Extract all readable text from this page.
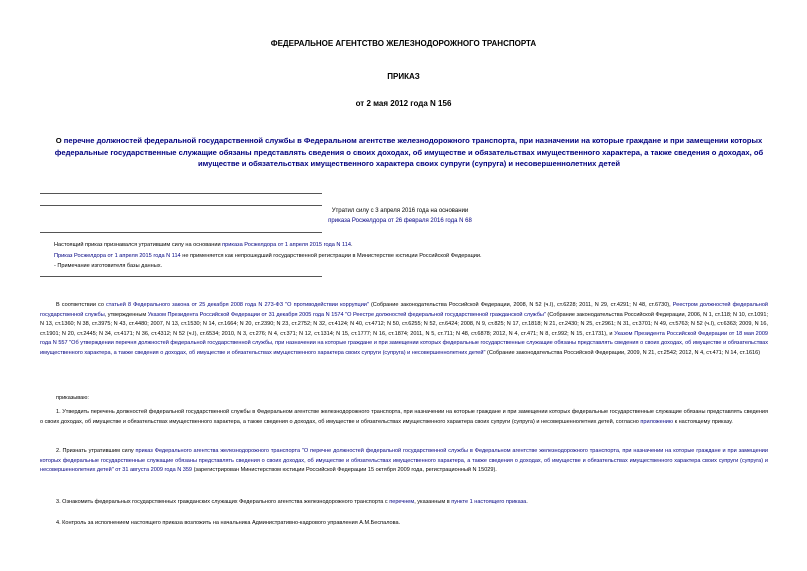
ФЕДЕРАЛЬНОЕ АГЕНТСТВО ЖЕЛЕЗНОДОРОЖНОГО ТРАНСПОРТА
ПРИКАЗ
от 2 мая 2012 года N 156
О перечне должностей федеральной государственной службы в Федеральном агентстве железнодорожного транспорта, при назначении на которые граждане и при замещении которых федеральные государственные служащие обязаны представлять сведения о своих доходах, об имуществе и обязательствах имущественного характера, а также сведения о доходах, об имуществе и обязательствах имущественного характера своих супруги (супруга) и несовершеннолетних детей
Утратил силу с 3 апреля 2016 года на основании
приказа Росжелдора от 26 февраля 2016 года N 68
Настоящий приказ признавался утратившим силу на основании приказа Росжелдора от 1 апреля 2015 года N 114.
Приказ Росжелдора от 1 апреля 2015 года N 114 не применяется как непрошедший государственной регистрации в Министерстве юстиции Российской Федерации.
- Примечание изготовителя базы данных.

В соответствии со статьей 8 Федерального закона от 25 декабря 2008 года N 273-ФЗ "О противодействии коррупции" (Собрание законодательства Российской Федерации, 2008, N 52 (ч.I), ст.6228; 2011, N 29, ст.4291; N 48, ст.6730), Реестром должностей федеральной государственной службы, утвержденным Указом Президента Российской Федерации от 31 декабря 2005 года N 1574 "О Реестре должностей федеральной государственной гражданской службы" (Собрание законодательства Российской Федерации, 2006, N 1, ст.118; N 10, ст.1091; N 13, ст.1360; N 38, ст.3975; N 43, ст.4480; 2007, N 13, ст.1530; N 14, ст.1664; N 20, ст.2390; N 23, ст.2752; N 32, ст.4124; N 40, ст.4712; N 50, ст.6255; N 52, ст.6424; 2008, N 9, ст.825; N 17, ст.1818; N 21, ст.2430; N 25, ст.2961; N 31, ст.3701; N 49, ст.5763; N 52 (ч.I), ст.6363; 2009, N 16, ст.1901; N 20, ст.2445; N 34, ст.4171; N 36, ст.4312; N 52 (ч.I), ст.6534; 2010, N 3, ст.276; N 4, ст.371; N 12, ст.1314; N 15, ст.1777; N 16, ст.1874; 2011, N 5, ст.711; N 48, ст.6878; 2012, N 4, ст.471; N 8, ст.992; N 15, ст.1731), и Указом Президента Российской Федерации от 18 мая 2009 года N 557 "Об утверждении перечня должностей федеральной государственной службы, при назначении на которые граждане и при замещении которых федеральные государственные служащие обязаны представлять сведения о своих доходах, об имуществе и обязательствах имущественного характера, а также сведения о доходах, об имуществе и обязательствах имущественного характера своих супруги (супруга) и несовершеннолетних детей" (Собрание законодательства Российской Федерации, 2009, N 21, ст.2542; 2012, N 4, ст.471; N 14, ст.1616)

приказываю:

1. Утвердить перечень должностей федеральной государственной службы в Федеральном агентстве железнодорожного транспорта, при назначении на которые граждане и при замещении которых федеральные государственные служащие обязаны представлять сведения о своих доходах, об имуществе и обязательствах имущественного характера, а также сведения о доходах, об имуществе и обязательствах имущественного характера своих супруги (супруга) и несовершеннолетних детей, согласно приложению к настоящему приказу.

2. Признать утратившим силу приказ Федерального агентства железнодорожного транспорта "О перечне должностей федеральной государственной службы в Федеральном агентстве железнодорожного транспорта, при назначении на которые граждане и при замещении которых федеральные государственные служащие обязаны представлять сведения о своих доходах, об имуществе и обязательствах имущественного характера, а также сведения о доходах, об имуществе и обязательствах имущественного характера своих супруги (супруга) и несовершеннолетних детей" от 31 августа 2009 года N 359 (зарегистрирован Министерством юстиции Российской Федерации 15 октября 2009 года, регистрационный N 15029).

3. Ознакомить федеральных государственных гражданских служащих Федерального агентства железнодорожного транспорта с перечнем, указанным в пункте 1 настоящего приказа.

4. Контроль за исполнением настоящего приказа возложить на начальника Административно-кадрового управления А.М.Беспалова.
